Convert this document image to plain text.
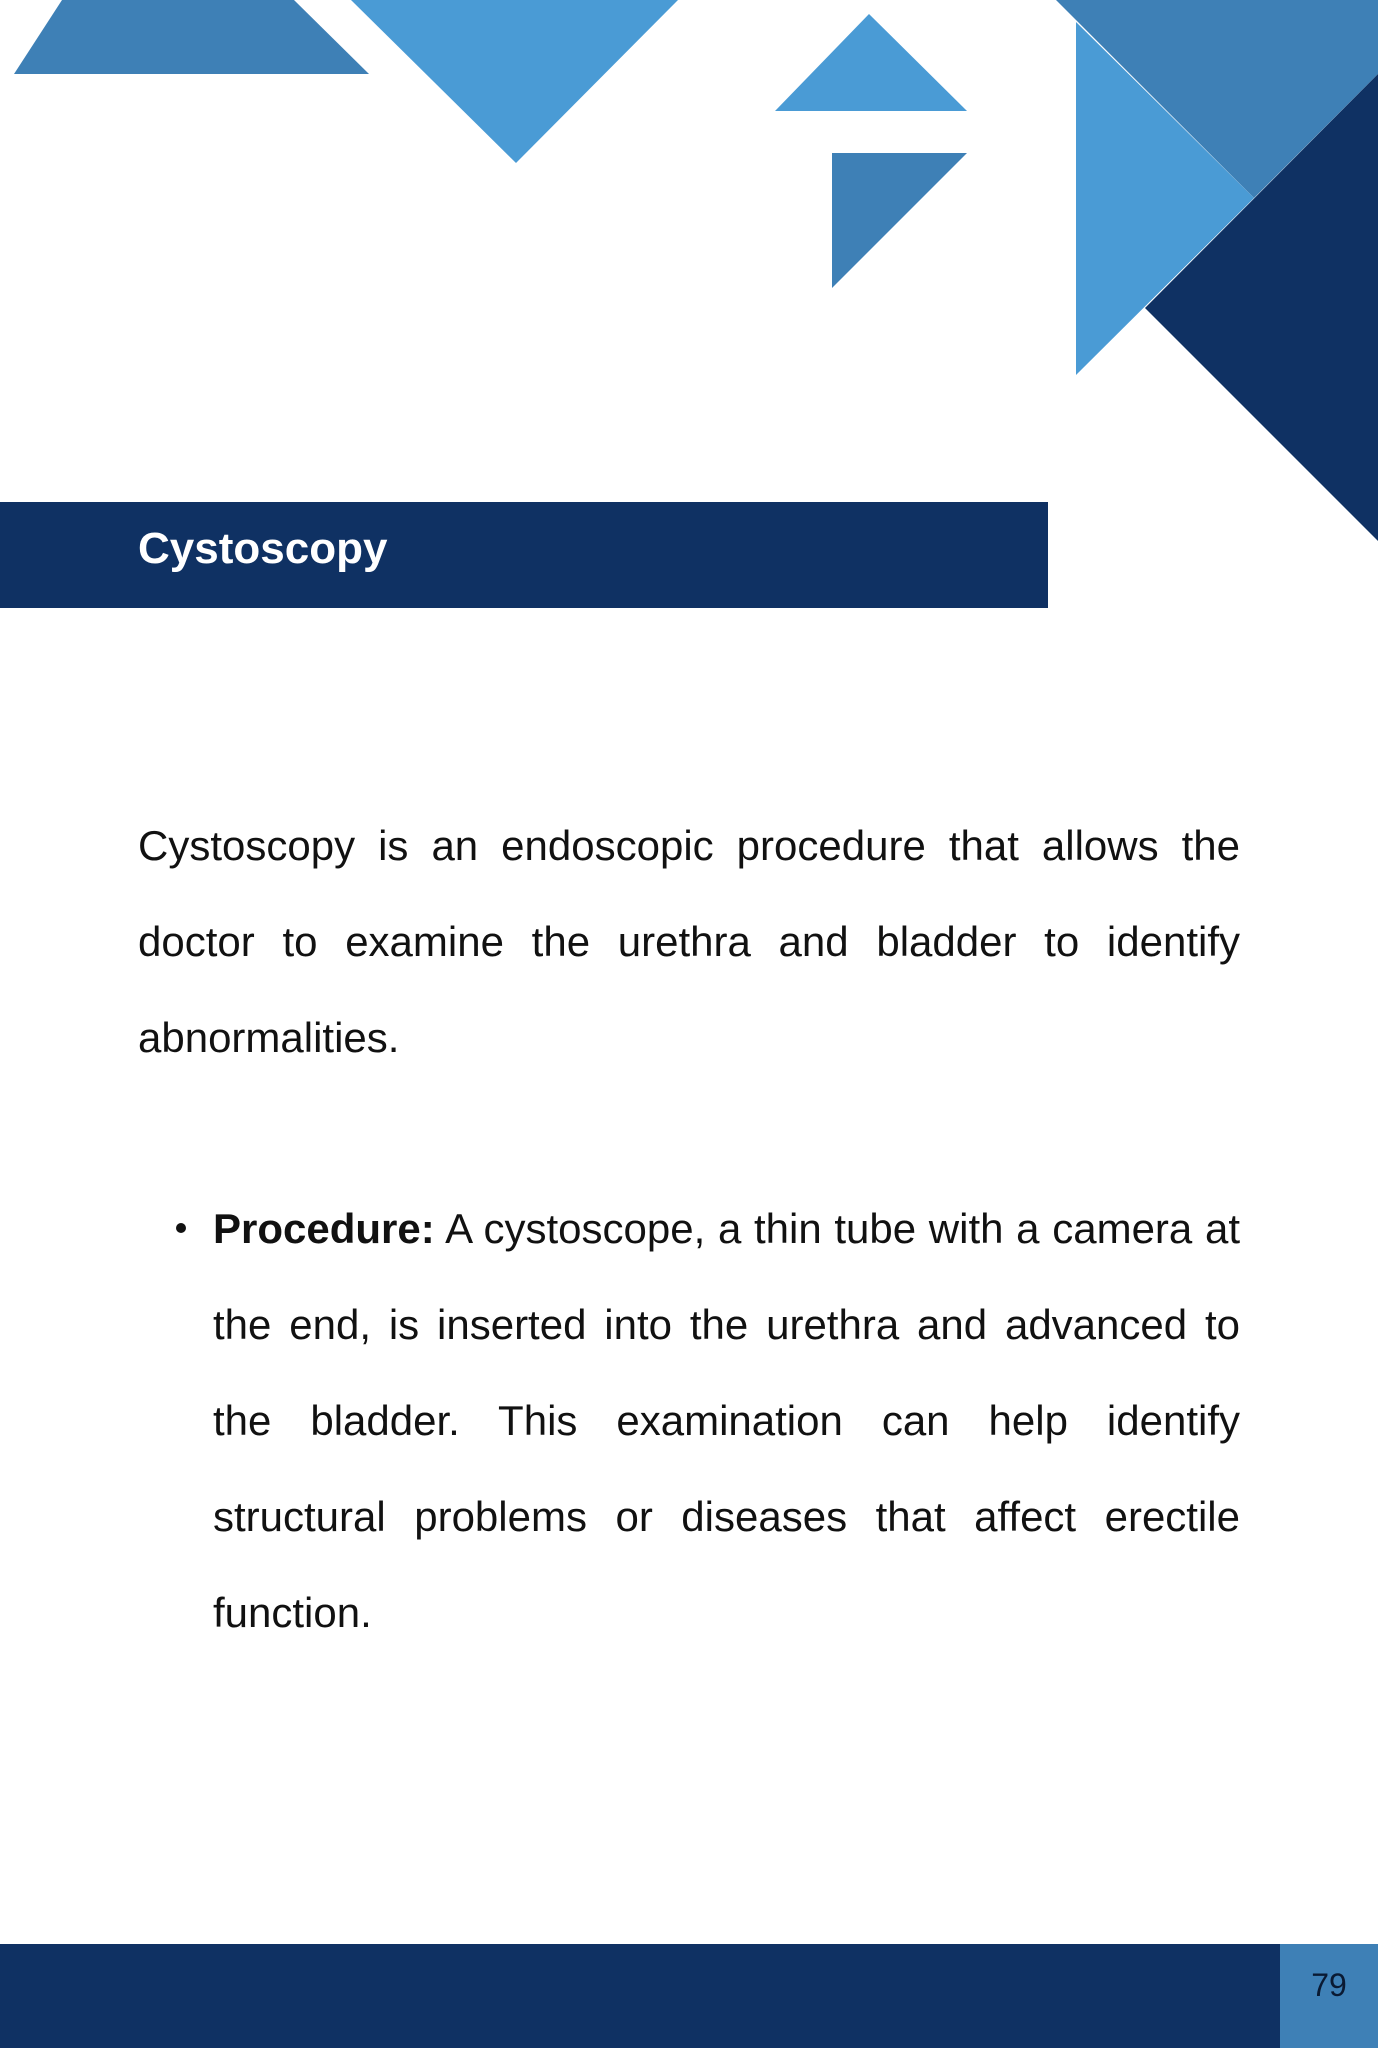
Cystoscopy

Cystoscopy is an endoscopic procedure that allows the doctor to examine the urethra and bladder to identify abnormalities.

Procedure: A cystoscope, a thin tube with a camera at the end, is inserted into the urethra and advanced to the bladder. This examination can help identify structural problems or diseases that affect erectile function.
79
